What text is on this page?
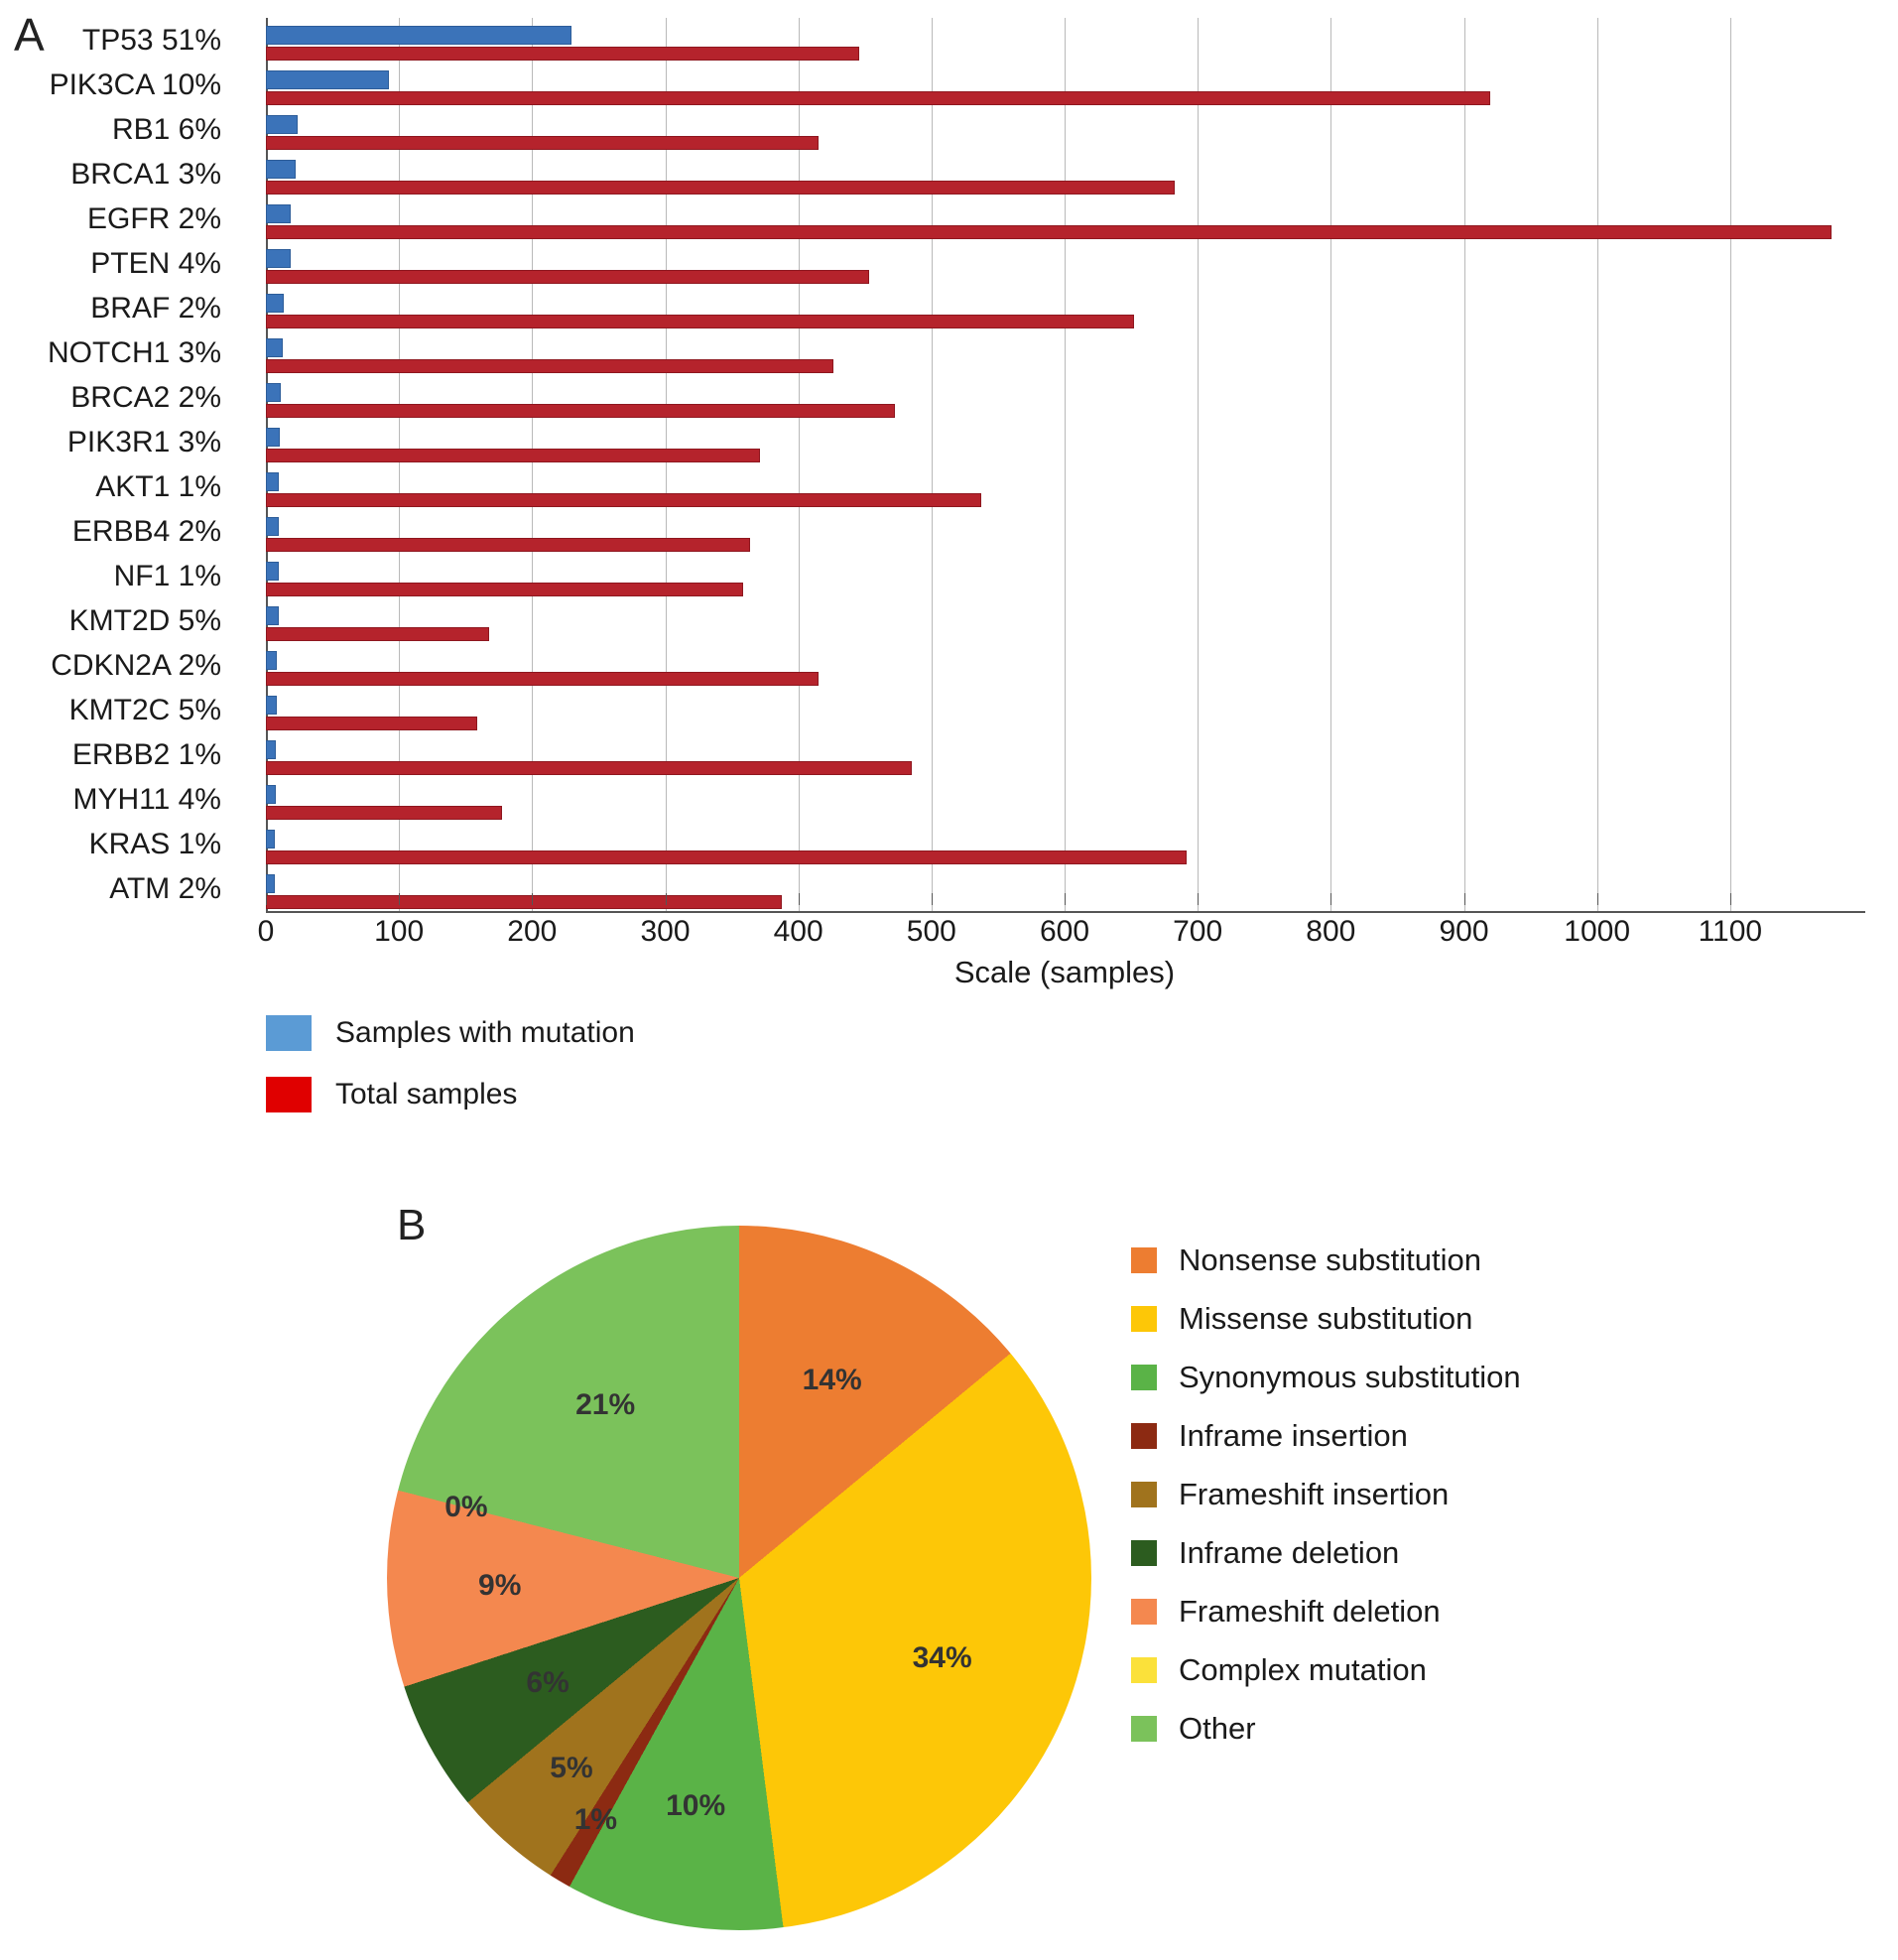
A	TP53 51%
PIK3CA 10%
RB1 6%
BRCA1 3%
EGFR 2%
PTEN 4%
BRAF 2%
NOTCH1 3%
BRCA2 2%
PIK3R1 3%
AKT1 1%
ERBB4 2%
NF1 1%
KMT2D 5%
CDKN2A 2%
KMT2C 5%
ERBB2 1%
MYH11 4%
KRAS 1%
ATM 2%
0	100	200	300	400	500	600	700	800	900	1000 1100
Scale (samples)
Samples with mutation
Total samples
B
14%
34%
10%
1%
5%
6%
9%
0%
21%
Nonsense substitution
Missense substitution
Synonymous substitution
Inframe insertion
Frameshift insertion
Inframe deletion
Frameshift deletion
Complex mutation
Other
